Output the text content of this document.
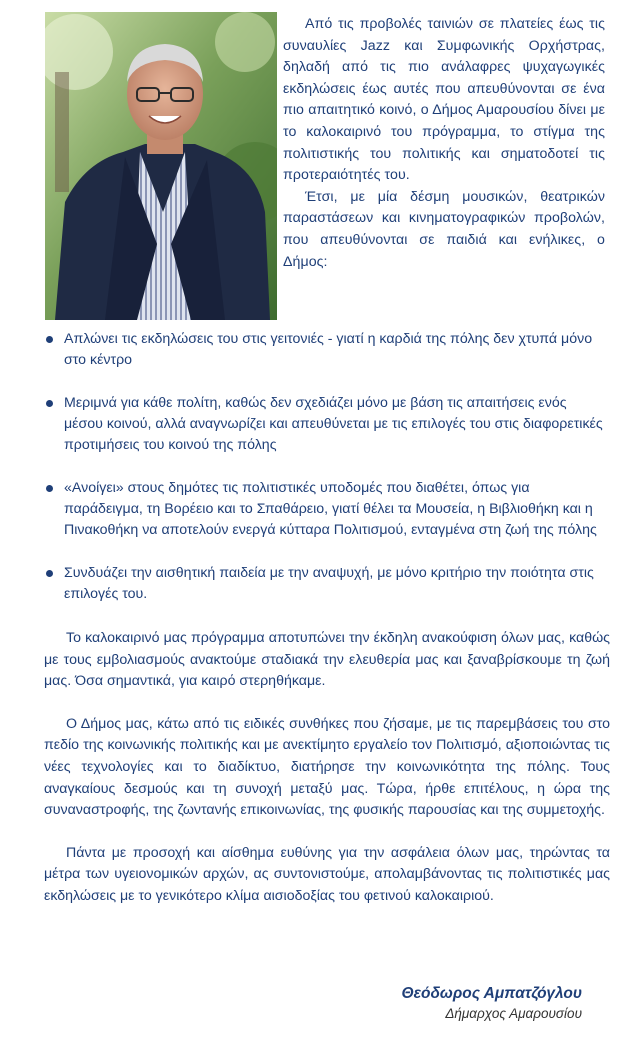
Από τις προβολές ταινιών σε πλατείες έως τις συναυλίες Jazz και Συμφωνικής Ορχήστρας, δηλαδή από τις πιο ανάλαφρες ψυχαγωγικές εκδηλώσεις έως αυτές που απευθύνονται σε ένα πιο απαιτητικό κοινό, ο Δήμος Αμαρουσίου δίνει με το καλοκαιρινό του πρόγραμμα, το στίγμα της πολιτιστικής του πολιτικής και σηματοδοτεί τις προτεραιότητές του.

Έτσι, με μία δέσμη μουσικών, θεατρικών παραστάσεων και κινηματογραφικών προβολών, που απευθύνονται σε παιδιά και ενήλικες, ο Δήμος:

Απλώνει τις εκδηλώσεις του στις γειτονιές - γιατί η καρδιά της πόλης δεν χτυπά μόνο στο κέντρο
Μεριμνά για κάθε πολίτη, καθώς δεν σχεδιάζει μόνο με βάση τις απαιτήσεις ενός μέσου κοινού, αλλά αναγνωρίζει και απευθύνεται με τις επιλογές του στις διαφορετικές προτιμήσεις του κοινού της πόλης
«Ανοίγει» στους δημότες τις πολιτιστικές υποδομές που διαθέτει, όπως για παράδειγμα, τη Βορέειο και το Σπαθάρειο, γιατί θέλει τα Μουσεία, η Βιβλιοθήκη και η Πινακοθήκη να αποτελούν ενεργά κύτταρα Πολιτισμού, ενταγμένα στη ζωή της πόλης
Συνδυάζει την αισθητική παιδεία με την αναψυχή, με μόνο κριτήριο την ποιότητα στις επιλογές του.

Το καλοκαιρινό μας πρόγραμμα αποτυπώνει την έκδηλη ανακούφιση όλων μας, καθώς με τους εμβολιασμούς ανακτούμε σταδιακά την ελευθερία μας και ξαναβρίσκουμε τη ζωή μας. Όσα σημαντικά, για καιρό στερηθήκαμε.

Ο Δήμος μας, κάτω από τις ειδικές συνθήκες που ζήσαμε, με τις παρεμβάσεις του στο πεδίο της κοινωνικής πολιτικής και με ανεκτίμητο εργαλείο τον Πολιτισμό, αξιοποιώντας τις νέες τεχνολογίες και το διαδίκτυο, διατήρησε την κοινωνικότητα της πόλης. Τους αναγκαίους δεσμούς και τη συνοχή μεταξύ μας. Τώρα, ήρθε επιτέλους, η ώρα της συναναστροφής, της ζωντανής επικοινωνίας, της φυσικής παρουσίας και της συμμετοχής.

Πάντα με προσοχή και αίσθημα ευθύνης για την ασφάλεια όλων μας, τηρώντας τα μέτρα των υγειονομικών αρχών, ας συντονιστούμε, απολαμβάνοντας τις πολιτιστικές μας εκδηλώσεις με το γενικότερο κλίμα αισιοδοξίας του φετινού καλοκαιριού.

Θεόδωρος Αμπατζόγλου
Δήμαρχος Αμαρουσίου
